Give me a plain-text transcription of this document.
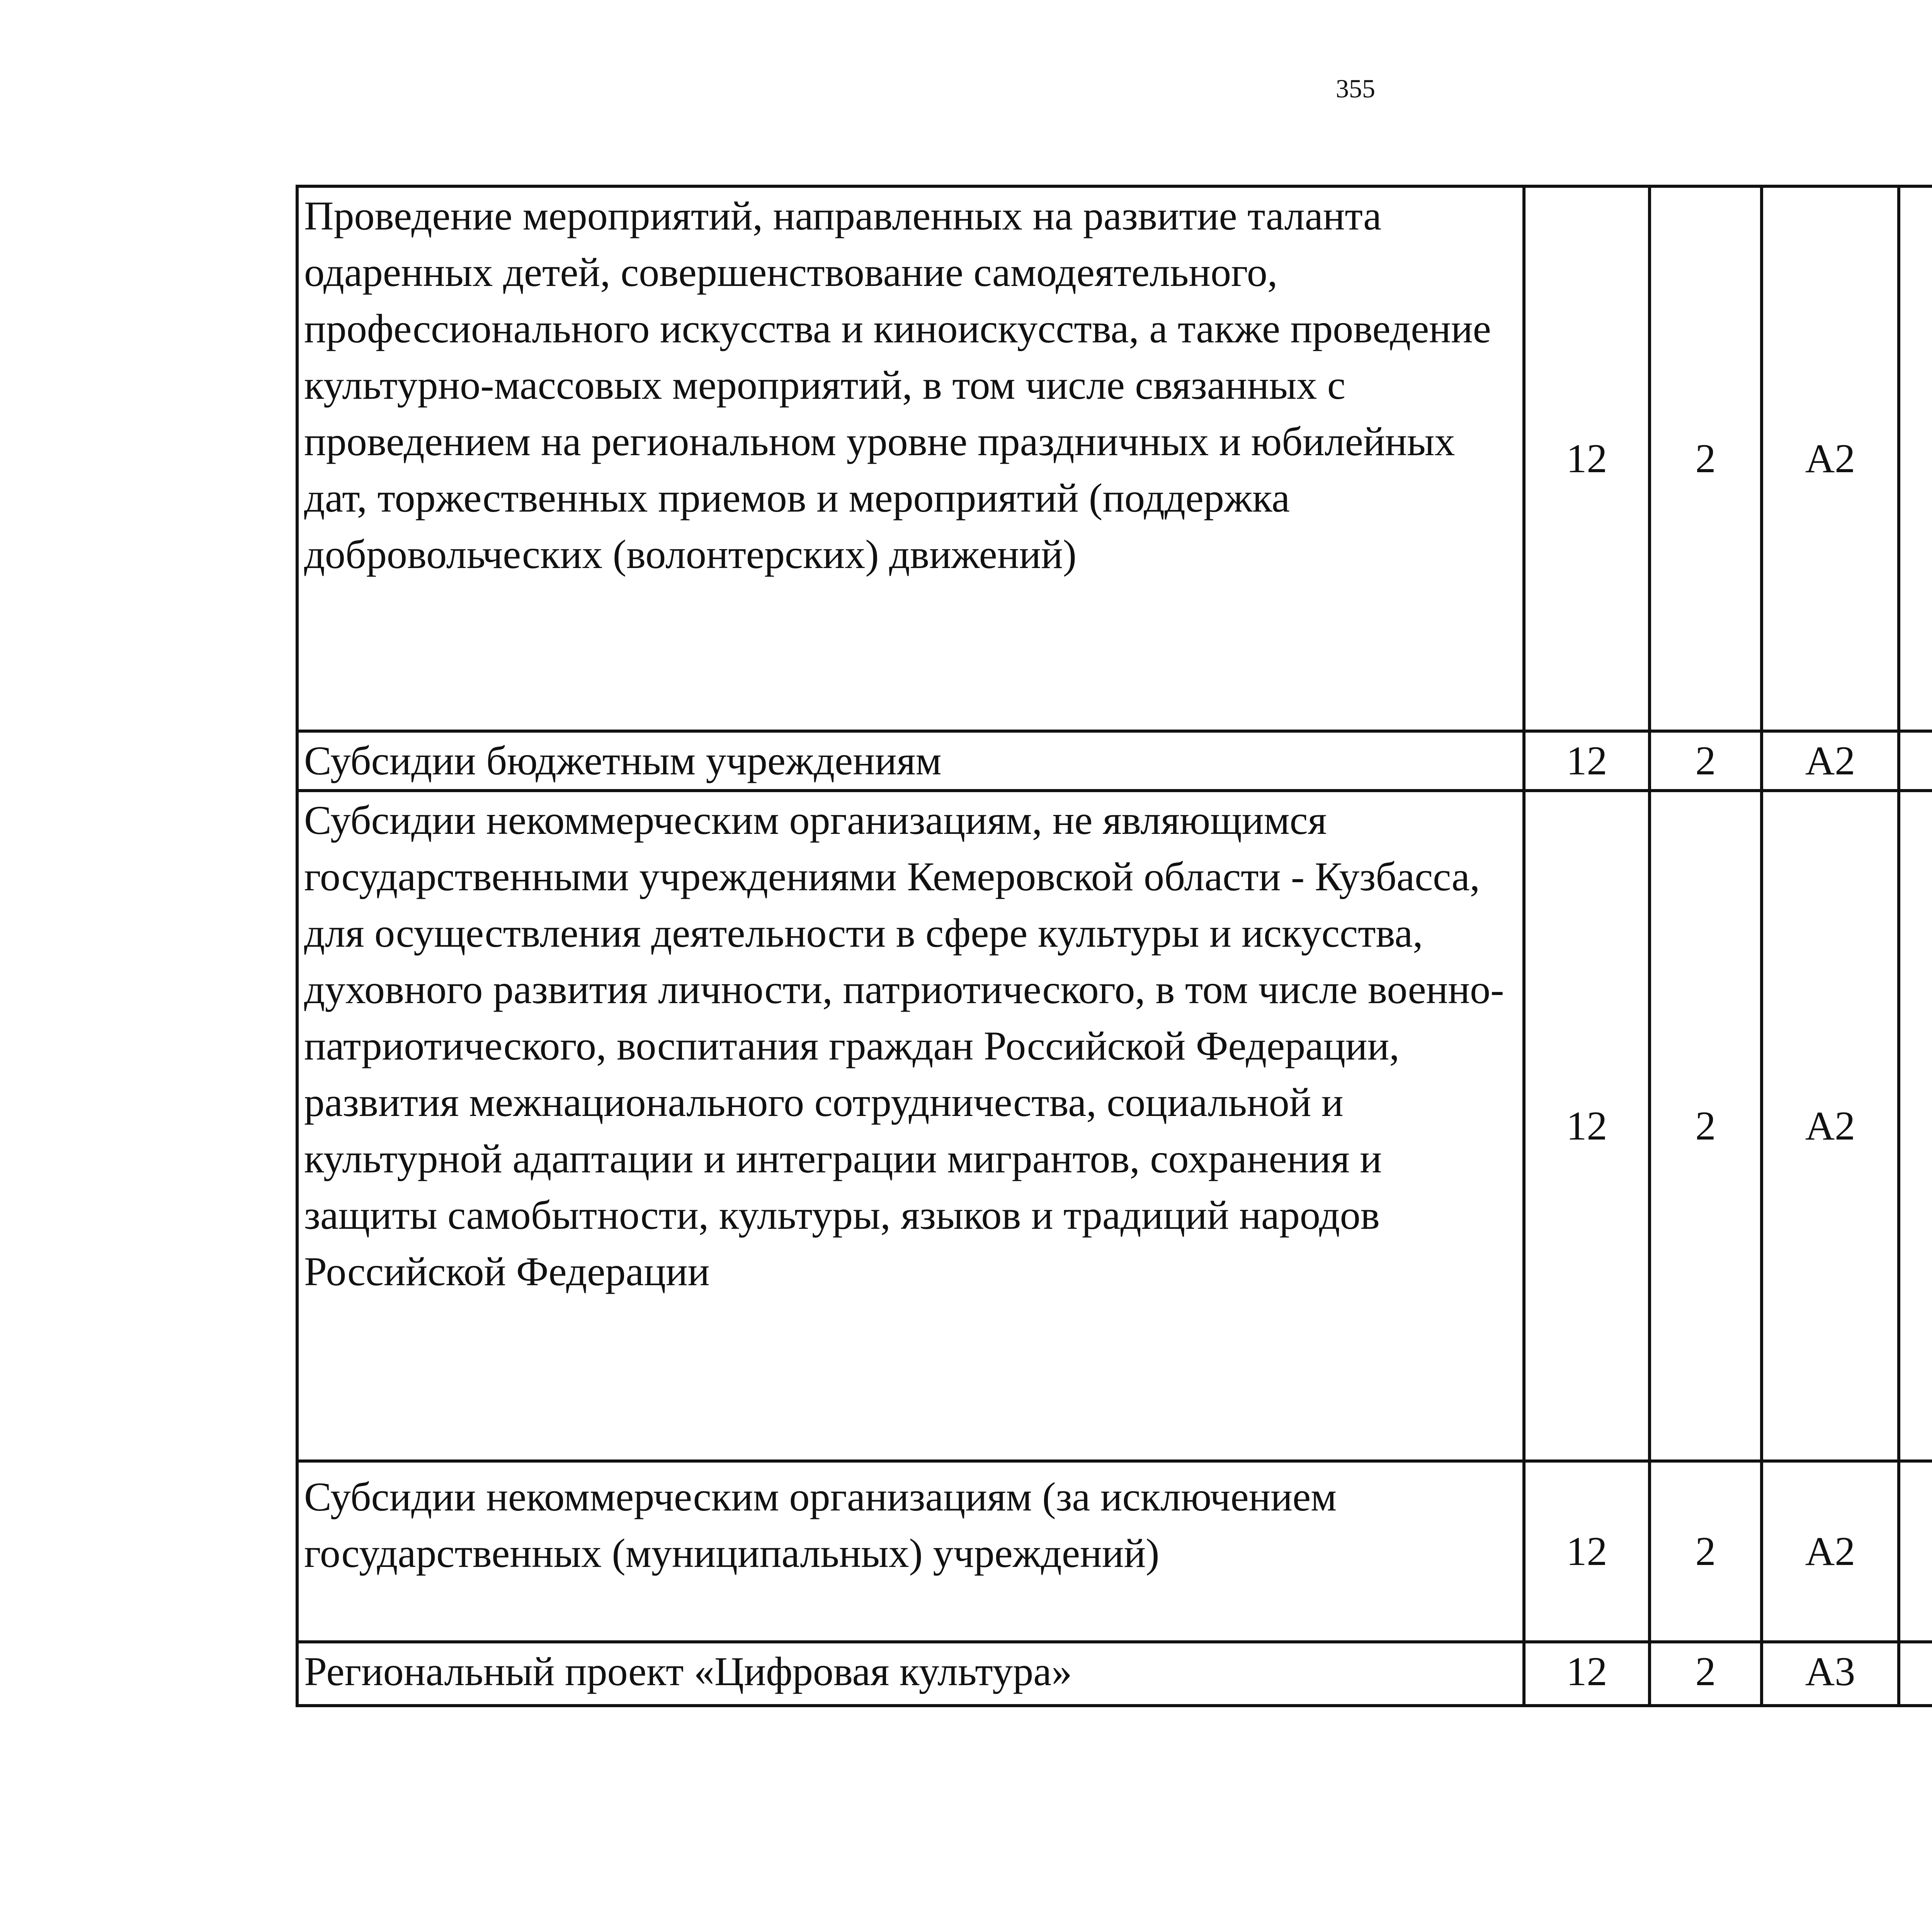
355
Проведение мероприятий, направленных на развитие таланта одаренных детей, совершенствование самодеятельного, профессионального искусства и киноискусства, а также проведение культурно-массовых мероприятий, в том числе связанных с проведением на региональном уровне праздничных и юбилейных дат, торжественных приемов и мероприятий (поддержка добровольческих (волонтерских) движений)	12	2	А2			
Субсидии бюджетным учреждениям	12	2	А2			
Субсидии некоммерческим организациям, не являющимся государственными учреждениями Кемеровской области - Кузбасса, для осуществления деятельности в сфере культуры и искусства, духовного развития личности, патриотического, в том числе военно-патриотического, воспитания граждан Российской Федерации, развития межнационального сотрудничества, социальной и культурной адаптации и интеграции мигрантов, сохранения и защиты самобытности, культуры, языков и традиций народов Российской Федерации	12	2	А2			
Субсидии некоммерческим организациям (за исключением государственных (муниципальных) учреждений)	12	2	А2			
Региональный проект «Цифровая культура»	12	2	А3			
